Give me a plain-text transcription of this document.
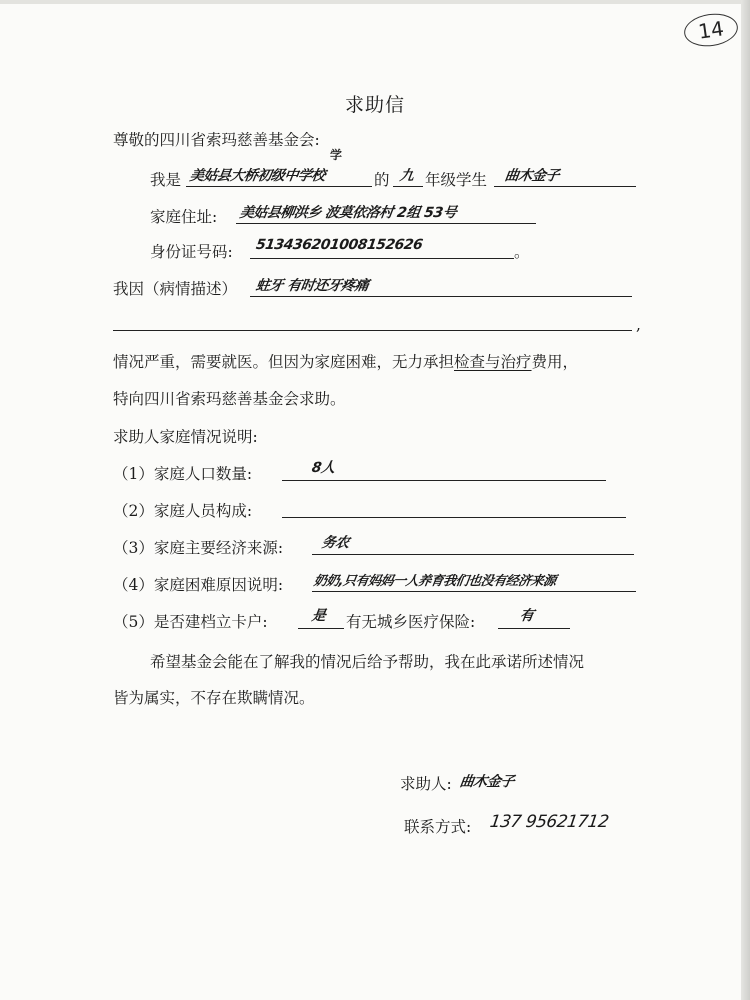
14
求助信
尊敬的四川省索玛慈善基金会:
我是 美姑县大桥初级中学校
学
的 九 年级学生 曲木金子
家庭住址: 美姑县柳洪乡 波莫依洛村 2组 53号
身份证号码: 513436201008152626	。
我因（病情描述） 蛀牙 有时还牙疼痛
,
情况严重，需要就医。但因为家庭困难，无力承担检查与治疗费用，
特向四川省索玛慈善基金会求助。
求助人家庭情况说明:
（1）家庭人口数量:	8人
（2）家庭人员构成:
（3）家庭主要经济来源:	务农
（4）家庭困难原因说明: 奶奶,只有妈妈一人养育我们也没有经济来源
（5）是否建档立卡户:	是 有无城乡医疗保险:	有
希望基金会能在了解我的情况后给予帮助，我在此承诺所述情况
皆为属实，不存在欺瞒情况。
求助人: 曲木金子
联系方式: 137 95621712
